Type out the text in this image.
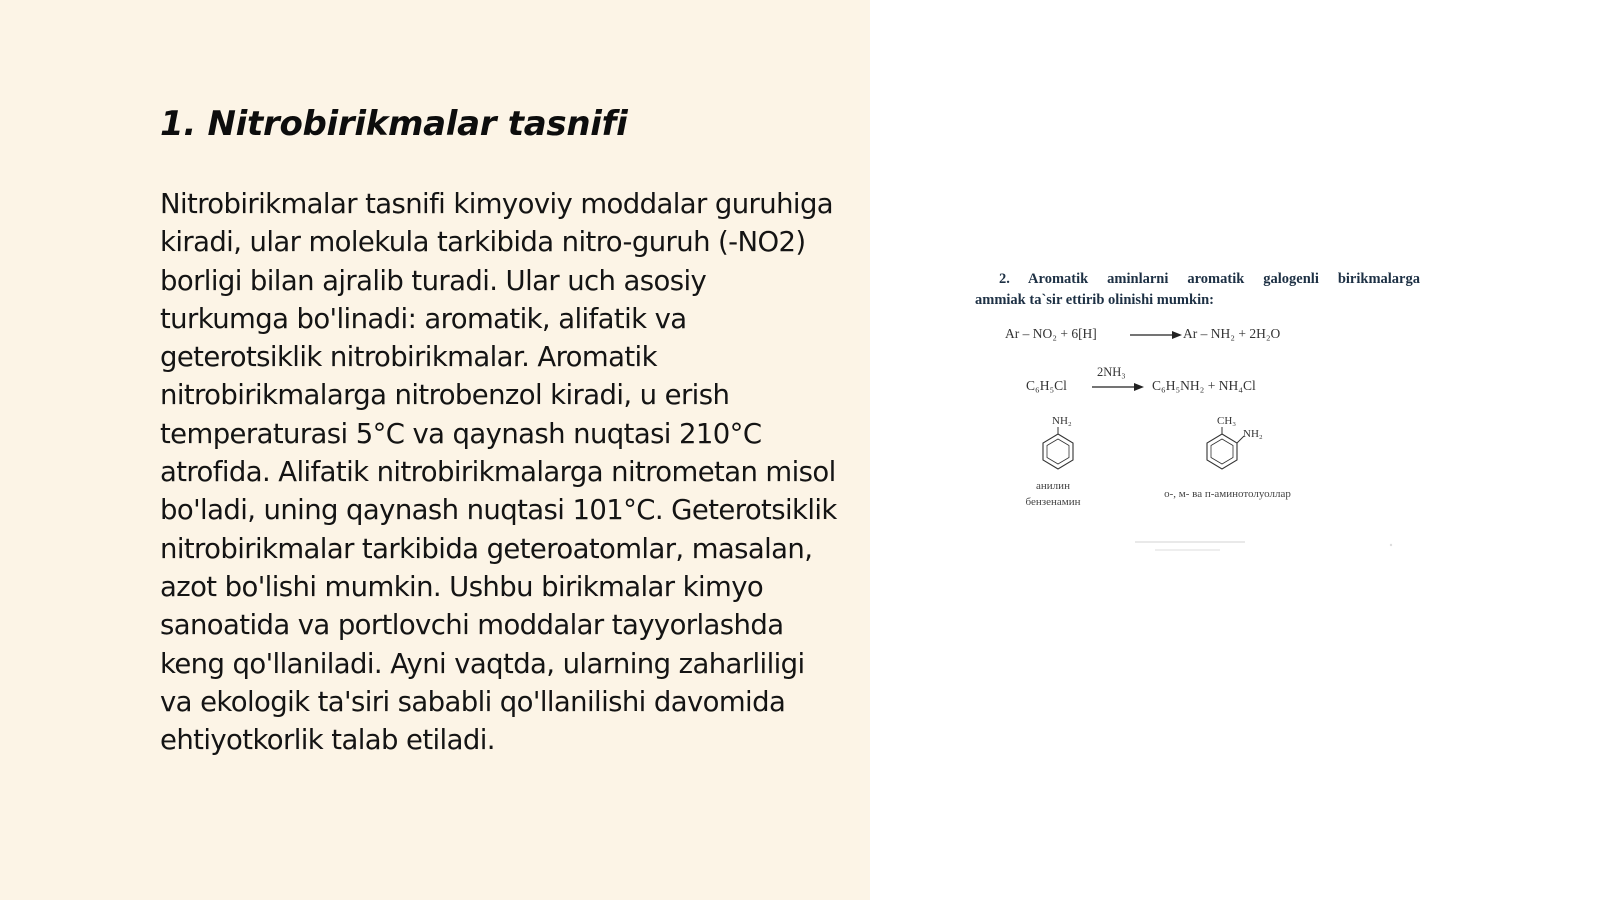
1. Nitrobirikmalar tasnifi

Nitrobirikmalar tasnifi kimyoviy moddalar guruhiga kiradi, ular molekula tarkibida nitro-guruh (-NO2) borligi bilan ajralib turadi. Ular uch asosiy turkumga bo'linadi: aromatik, alifatik va geterotsiklik nitrobirikmalar. Aromatik nitrobirikmalarga nitrobenzol kiradi, u erish temperaturasi 5°C va qaynash nuqtasi 210°C atrofida. Alifatik nitrobirikmalarga nitrometan misol bo'ladi, uning qaynash nuqtasi 101°C. Geterotsiklik nitrobirikmalar tarkibida geteroatomlar, masalan, azot bo'lishi mumkin. Ushbu birikmalar kimyo sanoatida va portlovchi moddalar tayyorlashda keng qo'llaniladi. Ayni vaqtda, ularning zaharliligi va ekologik ta'siri sababli qo'llanilishi davomida ehtiyotkorlik talab etiladi.

2. Aromatik aminlarni aromatik galogenli birikmalarga
ammiak ta`sir ettirib olinishi mumkin:
Ar – NO₂ + 6[H]	Ar – NH₂ + 2H₂O
C₆H₅Cl
2NH₃
C₆H₅NH₂ + NH₄Cl
NH₂
анилин
бензенамин
CH₃
NH₂
о-, м- ва п-аминотолуоллар
